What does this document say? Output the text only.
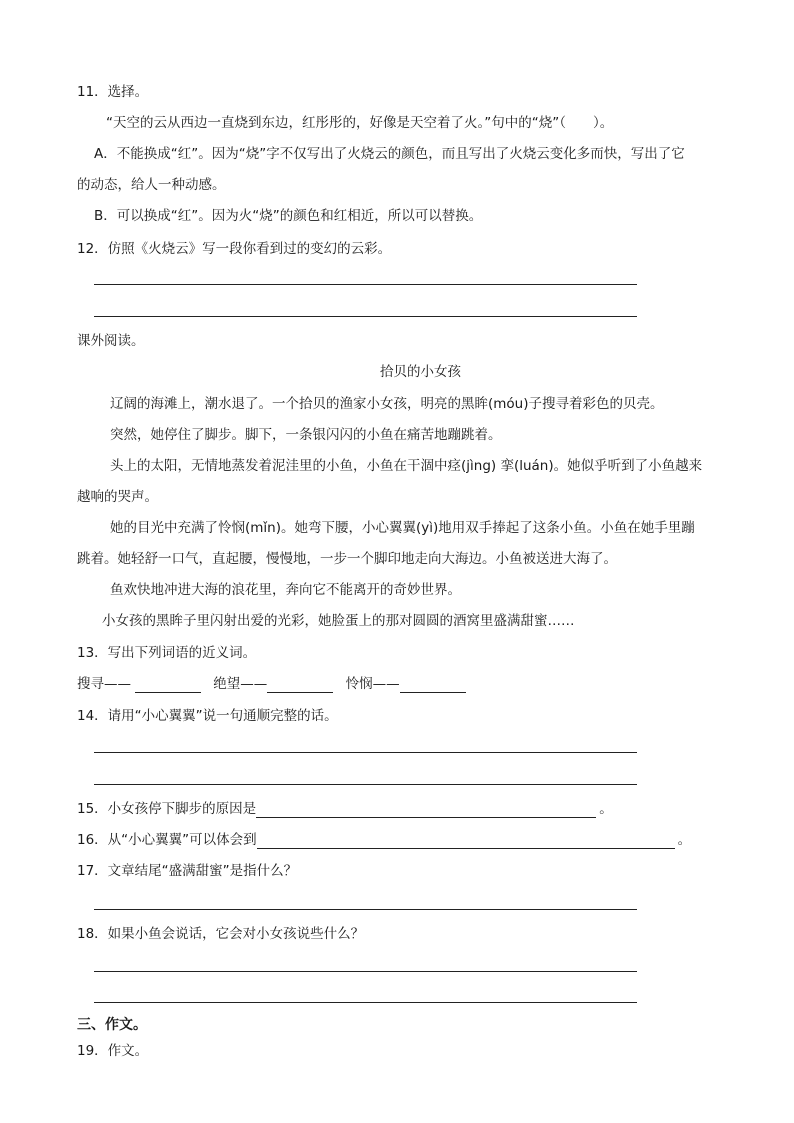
11．选择。
“天空的云从西边一直烧到东边，红彤彤的，好像是天空着了火。”句中的“烧”（　　）。
A．不能换成“红”。因为“烧”字不仅写出了火烧云的颜色，而且写出了火烧云变化多而快，写出了它
的动态，给人一种动感。
B．可以换成“红”。因为火“烧”的颜色和红相近，所以可以替换。
12．仿照《火烧云》写一段你看到过的变幻的云彩。
课外阅读。
拾贝的小女孩
辽阔的海滩上，潮水退了。一个拾贝的渔家小女孩，明亮的黑眸(móu)子搜寻着彩色的贝壳。
突然，她停住了脚步。脚下，一条银闪闪的小鱼在痛苦地蹦跳着。
头上的太阳，无情地蒸发着泥洼里的小鱼，小鱼在干涸中痉(jìng) 挛(luán)。她似乎听到了小鱼越来
越响的哭声。
她的目光中充满了怜悯(mǐn)。她弯下腰，小心翼翼(yì)地用双手捧起了这条小鱼。小鱼在她手里蹦
跳着。她轻舒一口气，直起腰，慢慢地，一步一个脚印地走向大海边。小鱼被送进大海了。
鱼欢快地冲进大海的浪花里，奔向它不能离开的奇妙世界。
小女孩的黑眸子里闪射出爱的光彩，她脸蛋上的那对圆圆的酒窝里盛满甜蜜……
13．写出下列词语的近义词。
搜寻——	绝望——	怜悯——
14．请用“小心翼翼”说一句通顺完整的话。
15．小女孩停下脚步的原因是	。
16．从“小心翼翼”可以体会到	。
17．文章结尾“盛满甜蜜”是指什么？
18．如果小鱼会说话，它会对小女孩说些什么？
三、作文。
19．作文。
